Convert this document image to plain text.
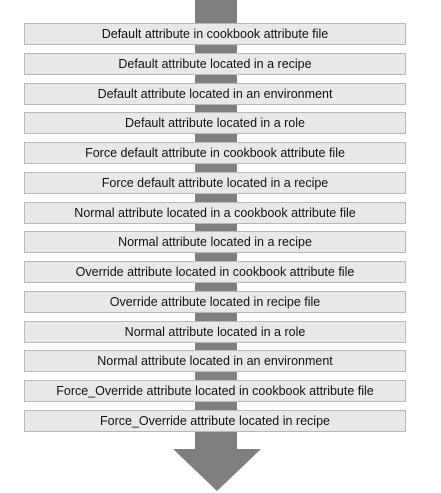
Default attribute in cookbook attribute file
Default attribute located in a recipe
Default attribute located in an environment
Default attribute located in a role
Force default attribute in cookbook attribute file
Force default attribute located in a recipe
Normal attribute located in a cookbook attribute file
Normal attribute located in a recipe
Override attribute located in cookbook attribute file
Override attribute located in recipe file
Normal attribute located in a role
Normal attribute located in an environment
Force_Override attribute located in cookbook attribute file
Force_Override attribute located in recipe
